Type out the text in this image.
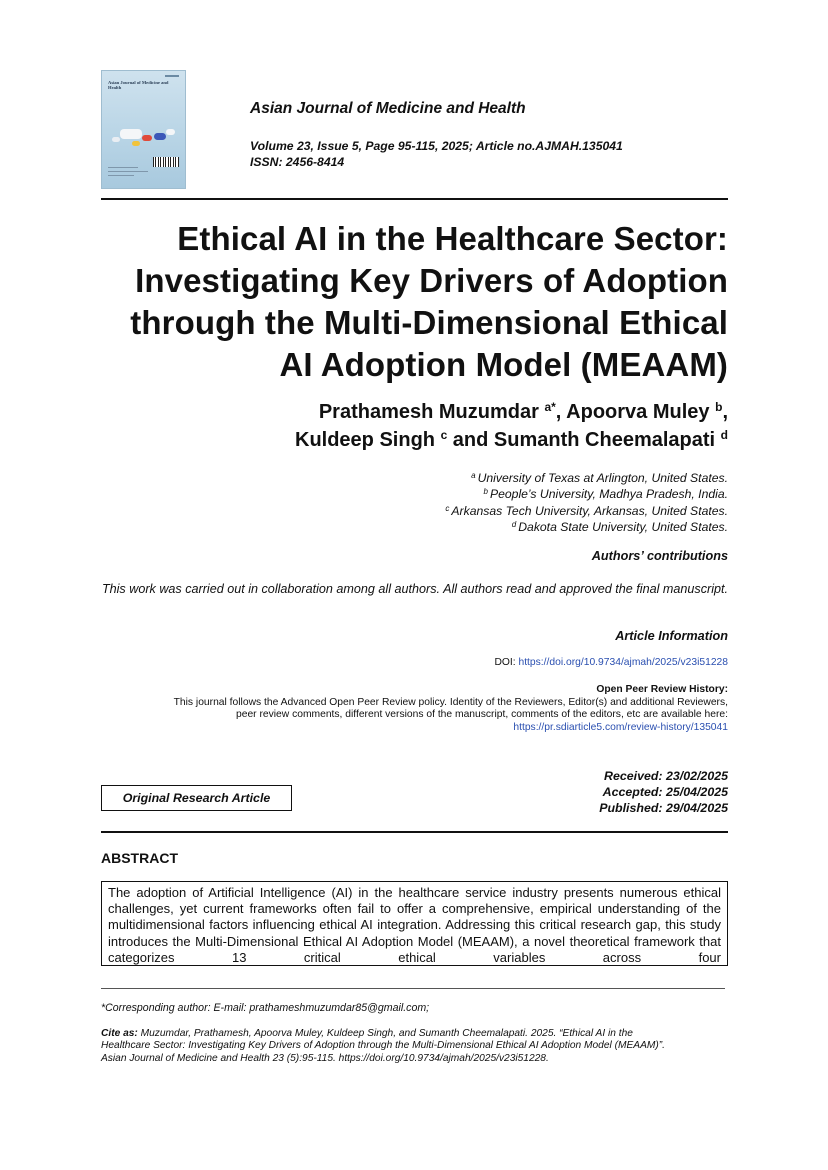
Asian Journal of Medicine and Health
Asian Journal of Medicine and Health
Volume 23, Issue 5, Page 95-115, 2025; Article no.AJMAH.135041
ISSN: 2456-8414
Ethical AI in the Healthcare Sector:
Investigating Key Drivers of Adoption
through the Multi-Dimensional Ethical
AI Adoption Model (MEAAM)
Prathamesh Muzumdar $^{a*}$, Apoorva Muley $^b$,
Kuldeep Singh $^c$ and Sumanth Cheemalapati $^d$
$^a$ University of Texas at Arlington, United States.
$^b$ People’s University, Madhya Pradesh, India.
$^c$ Arkansas Tech University, Arkansas, United States.
$^d$ Dakota State University, United States.
Authors’ contributions
This work was carried out in collaboration among all authors. All authors read and approved the final manuscript.
Article Information
DOI: https://doi.org/10.9734/ajmah/2025/v23i51228
Open Peer Review History:
This journal follows the Advanced Open Peer Review policy. Identity of the Reviewers, Editor(s) and additional Reviewers,
peer review comments, different versions of the manuscript, comments of the editors, etc are available here:
https://pr.sdiarticle5.com/review-history/135041
Received: 23/02/2025
Accepted: 25/04/2025
Published: 29/04/2025
Original Research Article
ABSTRACT

The adoption of Artificial Intelligence (AI) in the healthcare service industry presents numerous ethical challenges, yet current frameworks often fail to offer a comprehensive, empirical understanding of the multidimensional factors influencing ethical AI integration. Addressing this critical research gap, this study introduces the Multi-Dimensional Ethical AI Adoption Model (MEAAM), a novel theoretical framework that categorizes 13 critical ethical variables across four

*Corresponding author: E-mail: prathameshmuzumdar85@gmail.com;
Cite as: Muzumdar, Prathamesh, Apoorva Muley, Kuldeep Singh, and Sumanth Cheemalapati. 2025. “Ethical AI in the
Healthcare Sector: Investigating Key Drivers of Adoption through the Multi-Dimensional Ethical AI Adoption Model (MEAAM)”.
Asian Journal of Medicine and Health 23 (5):95-115. https://doi.org/10.9734/ajmah/2025/v23i51228.
